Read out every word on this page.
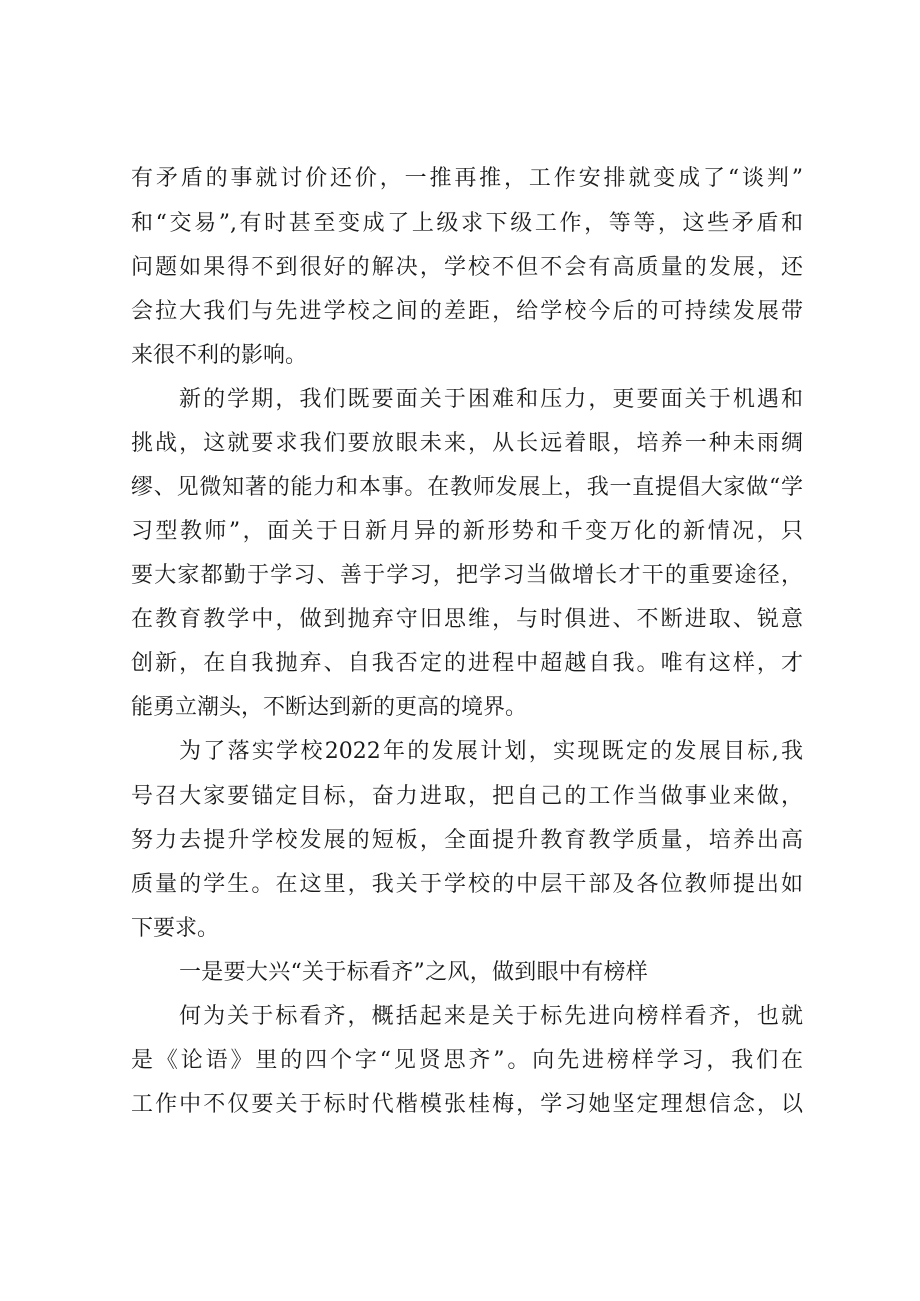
有矛盾的事就讨价还价，一推再推，工作安排就变成了“谈判”
和“交易”,有时甚至变成了上级求下级工作，等等，这些矛盾和
问题如果得不到很好的解决，学校不但不会有高质量的发展，还
会拉大我们与先进学校之间的差距，给学校今后的可持续发展带
来很不利的影响。
新的学期，我们既要面关于困难和压力，更要面关于机遇和
挑战，这就要求我们要放眼未来，从长远着眼，培养一种未雨绸
缪、见微知著的能力和本事。在教师发展上，我一直提倡大家做“学
习型教师”，面关于日新月异的新形势和千变万化的新情况，只
要大家都勤于学习、善于学习，把学习当做增长才干的重要途径，
在教育教学中，做到抛弃守旧思维，与时俱进、不断进取、锐意
创新，在自我抛弃、自我否定的进程中超越自我。唯有这样，才
能勇立潮头，不断达到新的更高的境界。
为了落实学校2022年的发展计划，实现既定的发展目标,我
号召大家要锚定目标，奋力进取，把自己的工作当做事业来做，
努力去提升学校发展的短板，全面提升教育教学质量，培养出高
质量的学生。在这里，我关于学校的中层干部及各位教师提出如
下要求。
一是要大兴“关于标看齐”之风，做到眼中有榜样
何为关于标看齐，概括起来是关于标先进向榜样看齐，也就
是《论语》里的四个字“见贤思齐”。向先进榜样学习，我们在
工作中不仅要关于标时代楷模张桂梅，学习她坚定理想信念，以
